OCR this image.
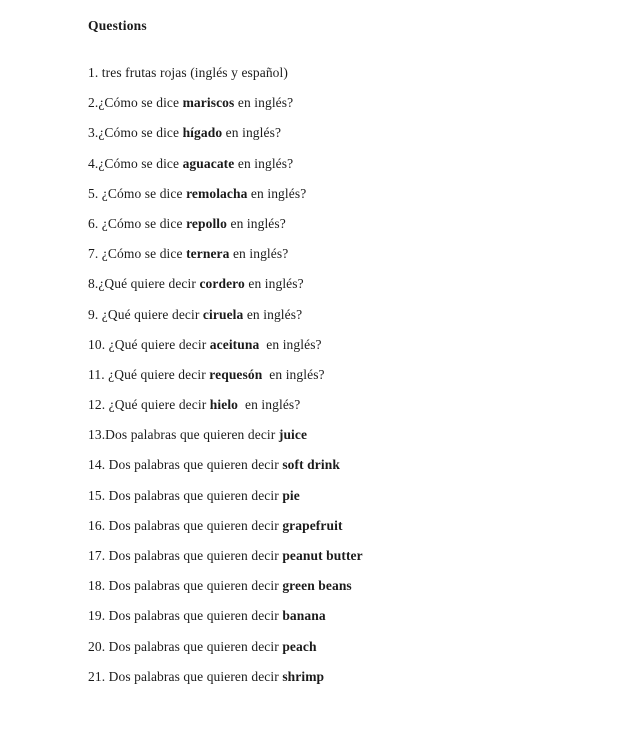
Questions
1. tres frutas rojas (inglés y español)
2.¿Cómo se dice mariscos en inglés?
3.¿Cómo se dice hígado en inglés?
4.¿Cómo se dice aguacate en inglés?
5. ¿Cómo se dice remolacha en inglés?
6. ¿Cómo se dice repollo en inglés?
7. ¿Cómo se dice ternera en inglés?
8.¿Qué quiere decir cordero en inglés?
9. ¿Qué quiere decir ciruela en inglés?
10. ¿Qué quiere decir aceituna  en inglés?
11. ¿Qué quiere decir requesón  en inglés?
12. ¿Qué quiere decir hielo  en inglés?
13.Dos palabras que quieren decir juice
14. Dos palabras que quieren decir soft drink
15. Dos palabras que quieren decir pie
16. Dos palabras que quieren decir grapefruit
17. Dos palabras que quieren decir peanut butter
18. Dos palabras que quieren decir green beans
19. Dos palabras que quieren decir banana
20. Dos palabras que quieren decir peach
21. Dos palabras que quieren decir shrimp
